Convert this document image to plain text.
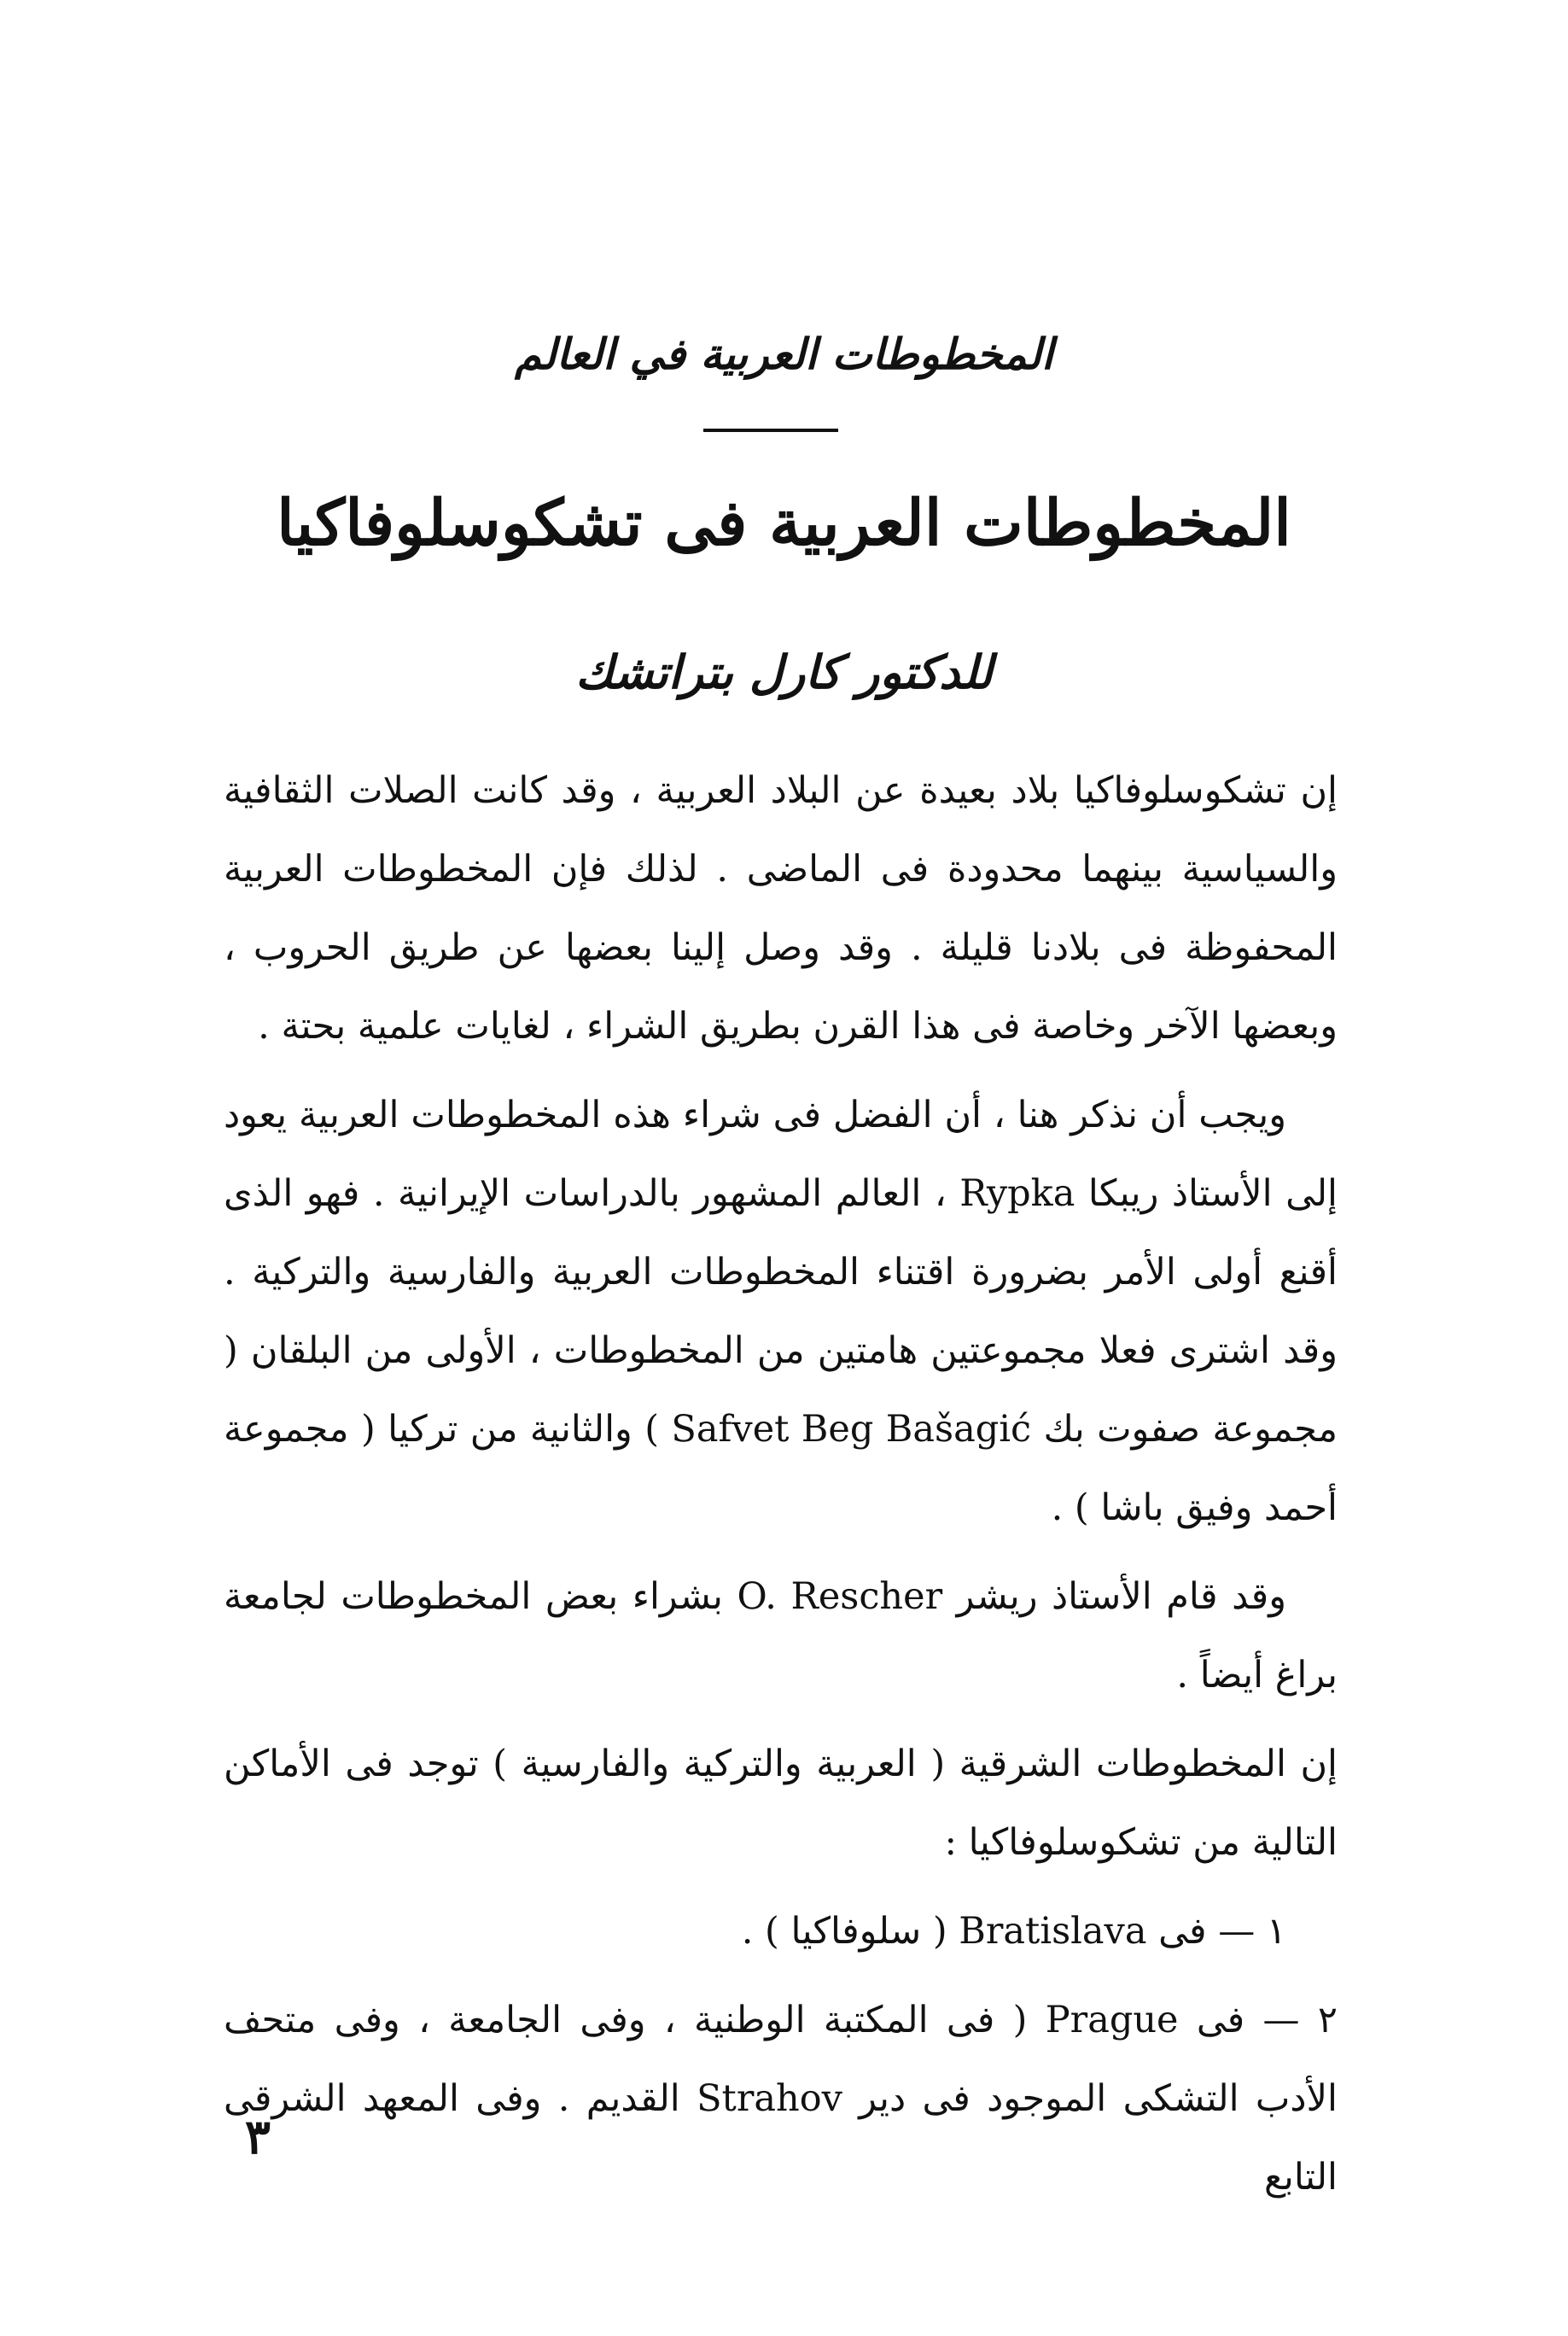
المخطوطات العربية في العالم
المخطوطات العربية فى تشكوسلوفاكيا
للدكتور كارل بتراتشك

إن تشكوسلوفاكيا بلاد بعيدة عن البلاد العربية ، وقد كانت الصلات الثقافية والسياسية بينهما محدودة فى الماضى . لذلك فإن المخطوطات العربية المحفوظة فى بلادنا قليلة . وقد وصل إلينا بعضها عن طريق الحروب ، وبعضها الآخر وخاصة فى هذا القرن بطريق الشراء ، لغايات علمية بحتة .

ويجب أن نذكر هنا ، أن الفضل فى شراء هذه المخطوطات العربية يعود إلى الأستاذ ريبكا Rypka ، العالم المشهور بالدراسات الإيرانية . فهو الذى أقنع أولى الأمر بضرورة اقتناء المخطوطات العربية والفارسية والتركية . وقد اشترى فعلا مجموعتين هامتين من المخطوطات ، الأولى من البلقان ( مجموعة صفوت بك Safvet Beg Bašagić ) والثانية من تركيا ( مجموعة أحمد وفيق باشا ) .

وقد قام الأستاذ ريشر O. Rescher بشراء بعض المخطوطات لجامعة براغ أيضاً .

إن المخطوطات الشرقية ( العربية والتركية والفارسية ) توجد فى الأماكن التالية من تشكوسلوفاكيا :

١ — فى Bratislava ( سلوفاكيا ) .

٢ — فى Prague ( فى المكتبة الوطنية ، وفى الجامعة ، وفى متحف الأدب التشكى الموجود فى دير Strahov القديم . وفى المعهد الشرقى التابع

٣
